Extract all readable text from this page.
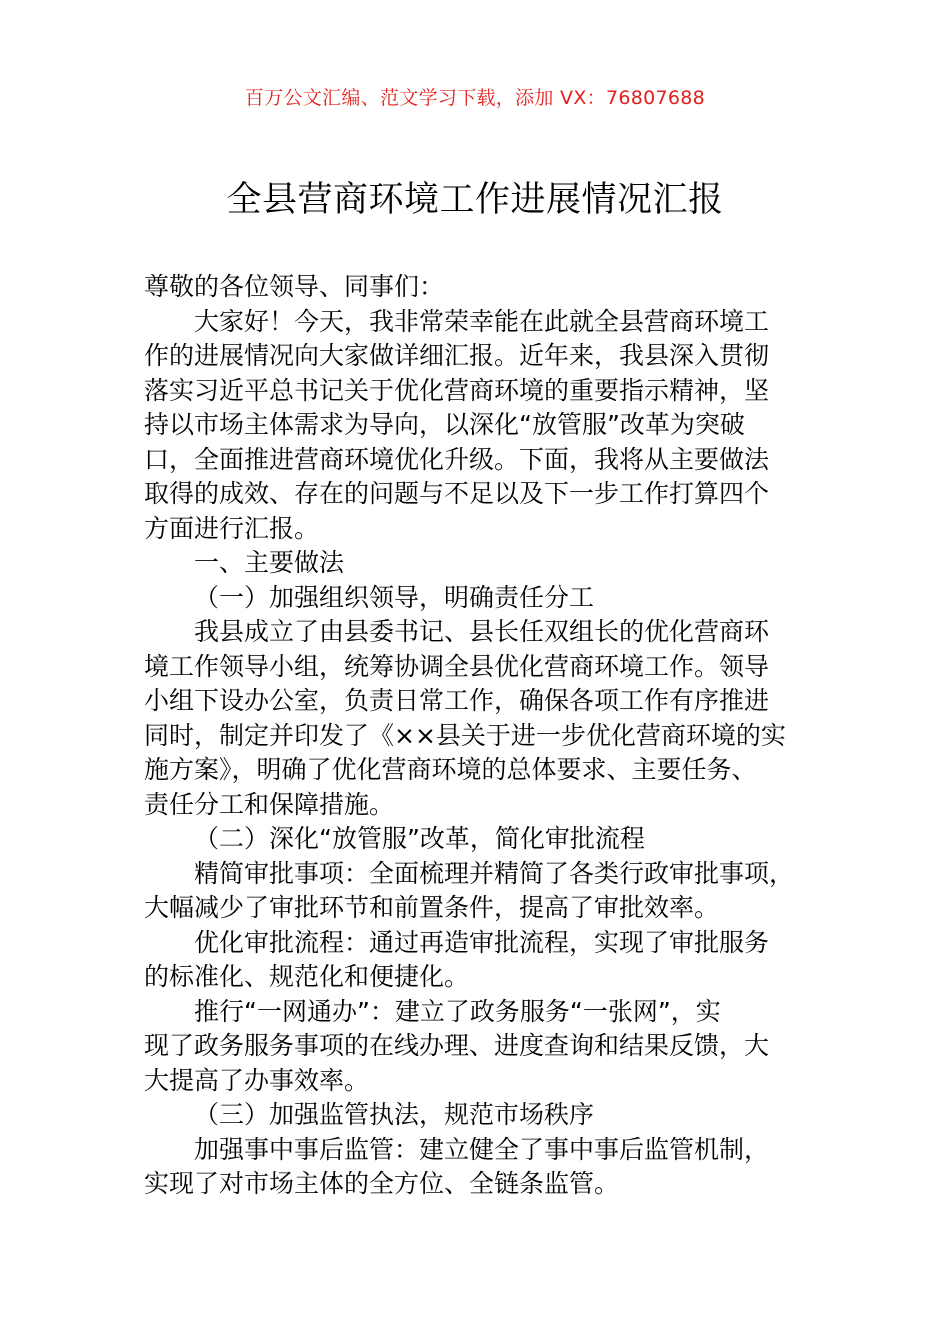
百万公文汇编、范文学习下载，添加 VX：76807688
全县营商环境工作进展情况汇报
尊敬的各位领导、同事们：
大家好！今天，我非常荣幸能在此就全县营商环境工
作的进展情况向大家做详细汇报。近年来，我县深入贯彻
落实习近平总书记关于优化营商环境的重要指示精神，坚
持以市场主体需求为导向，以深化“放管服”改革为突破
口，全面推进营商环境优化升级。下面，我将从主要做法
取得的成效、存在的问题与不足以及下一步工作打算四个
方面进行汇报。
一、主要做法
（一）加强组织领导，明确责任分工
我县成立了由县委书记、县长任双组长的优化营商环
境工作领导小组，统筹协调全县优化营商环境工作。领导
小组下设办公室，负责日常工作，确保各项工作有序推进
同时，制定并印发了《××县关于进一步优化营商环境的实
施方案》，明确了优化营商环境的总体要求、主要任务、
责任分工和保障措施。
（二）深化“放管服”改革，简化审批流程
精简审批事项：全面梳理并精简了各类行政审批事项，
大幅减少了审批环节和前置条件，提高了审批效率。
优化审批流程：通过再造审批流程，实现了审批服务
的标准化、规范化和便捷化。
推行“一网通办”：建立了政务服务“一张网”，实
现了政务服务事项的在线办理、进度查询和结果反馈，大
大提高了办事效率。
（三）加强监管执法，规范市场秩序
加强事中事后监管：建立健全了事中事后监管机制，
实现了对市场主体的全方位、全链条监管。
